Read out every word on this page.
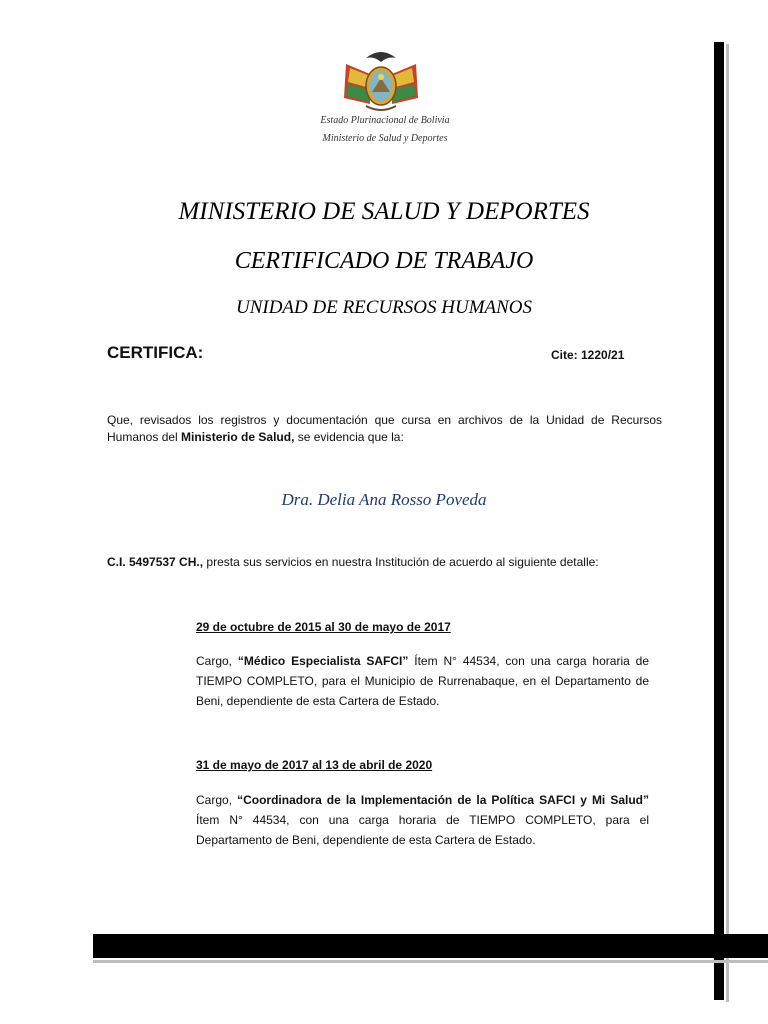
Estado Plurinacional de Bolivia
Ministerio de Salud y Deportes
MINISTERIO DE SALUD Y DEPORTES
CERTIFICADO DE TRABAJO
UNIDAD DE RECURSOS HUMANOS
CERTIFICA:	Cite: 1220/21
Que, revisados los registros y documentación que cursa en archivos de la Unidad de Recursos Humanos del Ministerio de Salud, se evidencia que la:
Dra. Delia Ana Rosso Poveda
C.I. 5497537 CH., presta sus servicios en nuestra Institución de acuerdo al siguiente detalle:
29 de octubre de 2015 al 30 de mayo de 2017
Cargo, “Médico Especialista SAFCI” Ítem N° 44534, con una carga horaria de TIEMPO COMPLETO, para el Municipio de Rurrenabaque, en el Departamento de Beni, dependiente de esta Cartera de Estado.
31 de mayo de 2017 al 13 de abril de 2020
Cargo, “Coordinadora de la Implementación de la Política SAFCI y Mi Salud” Ítem N° 44534, con una carga horaria de TIEMPO COMPLETO, para el Departamento de Beni, dependiente de esta Cartera de Estado.
